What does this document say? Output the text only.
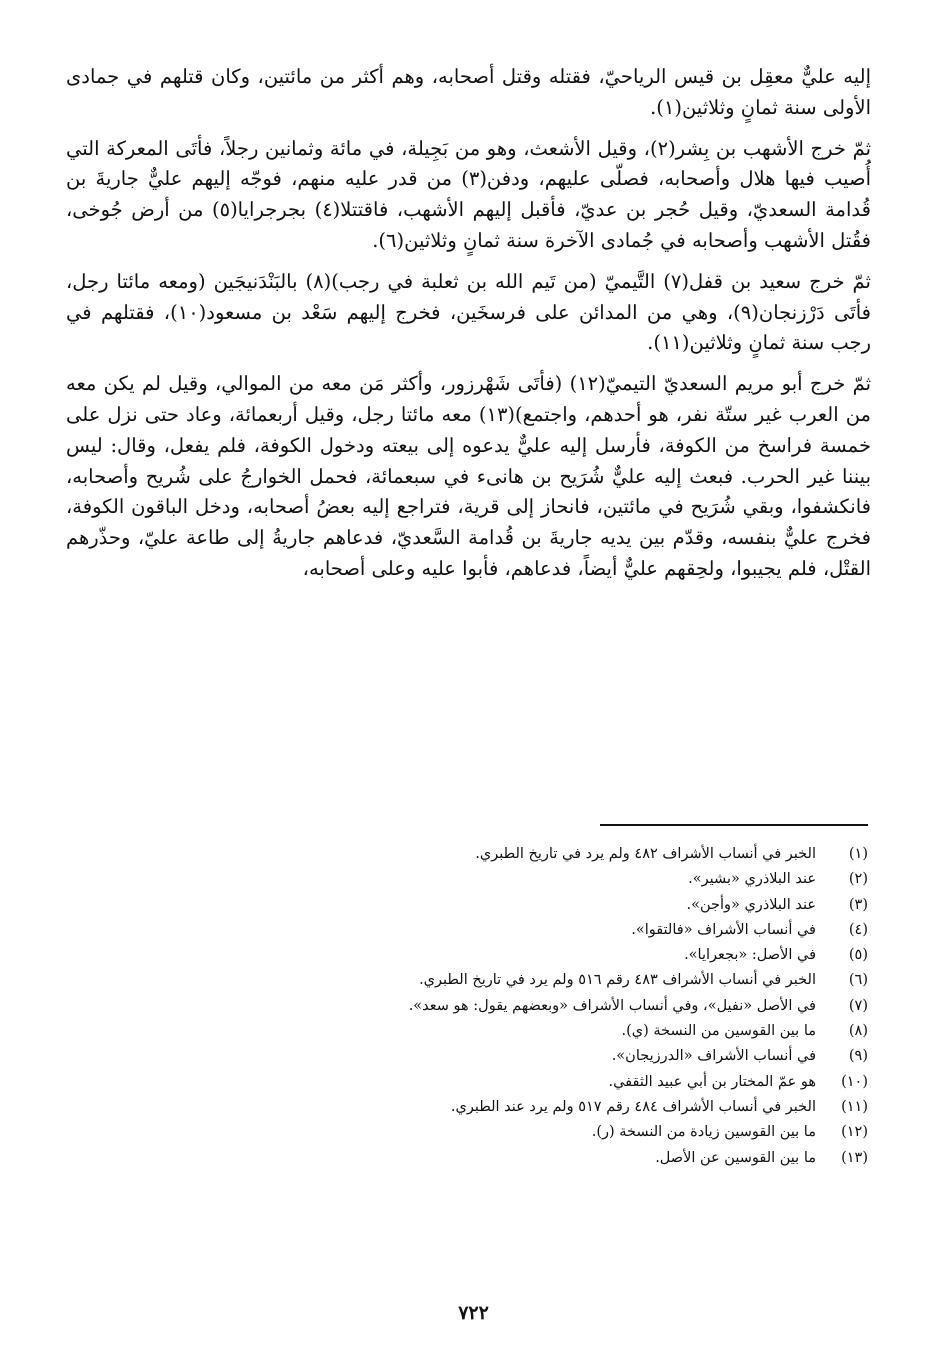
إليه عليٌّ معقِل بن قيس الرياحيّ، فقتله وقتل أصحابه، وهم أكثر من مائتين، وكان قتلهم في جمادى الأولى سنة ثمانٍ وثلاثين(١).

ثمّ خرج الأشهب بن بِشر(٢)، وقيل الأشعث، وهو من بَجِيلة، في مائة وثمانين رجلاً، فأتَى المعركة التي أُصيب فيها هلال وأصحابه، فصلّى عليهم، ودفن(٣) من قدر عليه منهم، فوجّه إليهم عليٌّ جاريةَ بن قُدامة السعديّ، وقيل حُجر بن عديّ، فأقبل إليهم الأشهب، فاقتتلا(٤) بجرجرايا(٥) من أرض جُوخى، فقُتل الأشهب وأصحابه في جُمادى الآخرة سنة ثمانٍ وثلاثين(٦).

ثمّ خرج سعيد بن قفل(٧) التَّيميّ (من تَيم الله بن ثعلبة في رجب)(٨) بالبَنْدَنيجَين (ومعه مائتا رجل، فأتَى دَرْزنجان(٩)، وهي من المدائن على فرسخَين، فخرج إليهم سَعْد بن مسعود(١٠)، فقتلهم في رجب سنة ثمانٍ وثلاثين(١١).

ثمّ خرج أبو مريم السعديّ التيميّ(١٢) (فأتَى شَهْرزور، وأكثر مَن معه من الموالي، وقيل لم يكن معه من العرب غير ستّة نفر، هو أحدهم، واجتمع)(١٣) معه مائتا رجل، وقيل أربعمائة، وعاد حتى نزل على خمسة فراسخ من الكوفة، فأرسل إليه عليٌّ يدعوه إلى بيعته ودخول الكوفة، فلم يفعل، وقال: ليس بيننا غير الحرب. فبعث إليه عليٌّ شُرَيح بن هانىء في سبعمائة، فحمل الخوارجُ على شُريح وأصحابه، فانكشفوا، وبقي شُرَيح في مائتين، فانحاز إلى قرية، فتراجع إليه بعضُ أصحابه، ودخل الباقون الكوفة، فخرج عليٌّ بنفسه، وقدّم بين يديه جاريةَ بن قُدامة السَّعديّ، فدعاهم جاريةُ إلى طاعة عليّ، وحذّرهم القتْل، فلم يجيبوا، ولحِقهم عليٌّ أيضاً، فدعاهم، فأبوا عليه وعلى أصحابه،

(١)
الخبر في أنساب الأشراف ٤٨٢ ولم يرد في تاريخ الطبري.
(٢)
عند البلاذري «بشير».
(٣)
عند البلاذري «وأجن».
(٤)
في أنساب الأشراف «فالتقوا».
(٥)
في الأصل: «بجعرايا».
(٦)
الخبر في أنساب الأشراف ٤٨٣ رقم ٥١٦ ولم يرد في تاريخ الطبري.
(٧)
في الأصل «نفيل»، وفي أنساب الأشراف «وبعضهم يقول: هو سعد».
(٨)
ما بين القوسين من النسخة (ي).
(٩)
في أنساب الأشراف «الدرزيجان».
(١٠)
هو عمّ المختار بن أبي عبيد الثقفي.
(١١)
الخبر في أنساب الأشراف ٤٨٤ رقم ٥١٧ ولم يرد عند الطبري.
(١٢)
ما بين القوسين زيادة من النسخة (ر).
(١٣)
ما بين القوسين عن الأصل.
٧٢٢
